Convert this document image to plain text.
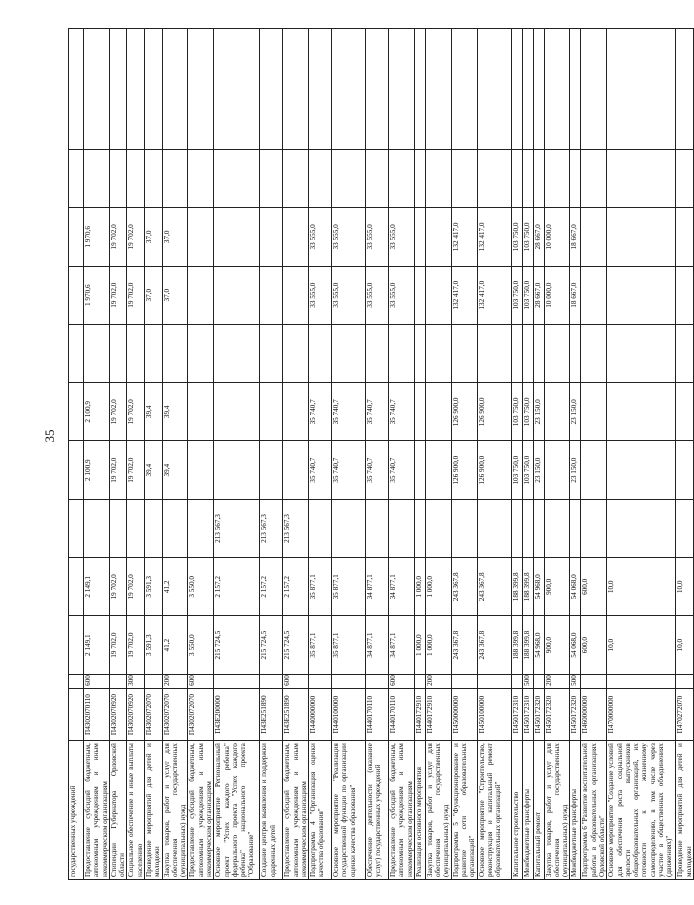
35
государственных учреждений												
Предоставление субсидий бюджетным, автономным учреждениям и иным некоммерческим организациям	П4302070110	600	2 149,1	2 149,1		2 100,9	2 100,9		1 970,6	1 970,6		
Стипендии Губернатора Орловской области	П4302070920		19 702,0	19 702,0		19 702,0	19 702,0		19 702,0	19 702,0		
Социальное обеспечение и иные выплаты населению	П4302070920	300	19 702,0	19 702,0		19 702,0	19 702,0		19 702,0	19 702,0		
Проведение мероприятий для детей и молодежи	П4302072070		3 591,3	3 591,3		39,4	39,4		37,0	37,0		
Закупка товаров, работ и услуг для обеспечения государственных (муниципальных) нужд	П4302072070	200	41,2	41,2		39,4	39,4		37,0	37,0		
Предоставление субсидий бюджетным, автономным учреждениям и иным некоммерческим организациям	П4302072070	600	3 550,0	3 550,0								
Основное мероприятие Региональный проект "Успех каждого ребенка" федерального проекта "Успех каждого ребенка" национального проекта "Образование"	П43E200000		215 724,5	2 157,2	213 567,3							
Создание центров выявления и поддержки одаренных детей	П43E251890		215 724,5	2 157,2	213 567,3							
Предоставление субсидий бюджетным, автономным учреждениям и иным некоммерческим организациям	П43E251890	600	215 724,5	2 157,2	213 567,3							
Подпрограмма 4 "Организация оценки качества образования"	П440000000		35 877,1	35 877,1		35 740,7	35 740,7		33 555,0	33 555,0		
Основное мероприятие "Реализация государственной функции по организации оценки качества образования"	П440100000		35 877,1	35 877,1		35 740,7	35 740,7		33 555,0	33 555,0		
Обеспечение деятельности (оказание услуг) государственных учреждений	П440170110		34 877,1	34 877,1		35 740,7	35 740,7		33 555,0	33 555,0		
Предоставление субсидий бюджетным, автономным учреждениям и иным некоммерческим организациям	П440170110	600	34 877,1	34 877,1		35 740,7	35 740,7		33 555,0	33 555,0		
Реализация основного мероприятия	П440172910		1 000,0	1 000,0								
Закупка товаров, работ и услуг для обеспечения государственных (муниципальных) нужд	П440172910	200	1 000,0	1 000,0								
Подпрограмма 5 "Функционирование и развитие сети образовательных организаций"	П450000000		243 367,8	243 367,8		126 900,0	126 900,0		132 417,0	132 417,0		
Основное мероприятие "Строительство, реконструкция и капитальный ремонт образовательных организаций"	П450100000		243 367,8	243 367,8		126 900,0	126 900,0		132 417,0	132 417,0		
Капитальное строительство	П450172310		188 399,8	188 399,8		103 750,0	103 750,0		103 750,0	103 750,0		
Межбюджетные трансферты	П450172310	500	188 399,8	188 399,8		103 750,0	103 750,0		103 750,0	103 750,0		
Капитальный ремонт	П450172320		54 968,0	54 968,0		23 150,0	23 150,0		28 667,0	28 667,0		
Закупка товаров, работ и услуг для обеспечения государственных (муниципальных) нужд	П450172320	200	900,0	900,0					10 000,0	10 000,0		
Межбюджетные трансферты	П450172320	500	54 068,0	54 068,0		23 150,0	23 150,0		18 667,0	18 667,0		
Подпрограмма 6 "Развитие воспитательной работы в образовательных организациях Орловской области"	П460000000		600,0	600,0								
Основное мероприятие "Создание условий для обеспечения роста социальной зрелости выпускников общеобразовательных организаций, их готовности к жизненному самоопределению, в том числе через участие в общественных объединениях (движениях)"	П470000000		10,0	10,0								
Проведение мероприятий для детей и молодежи	П470272070		10,0	10,0								
